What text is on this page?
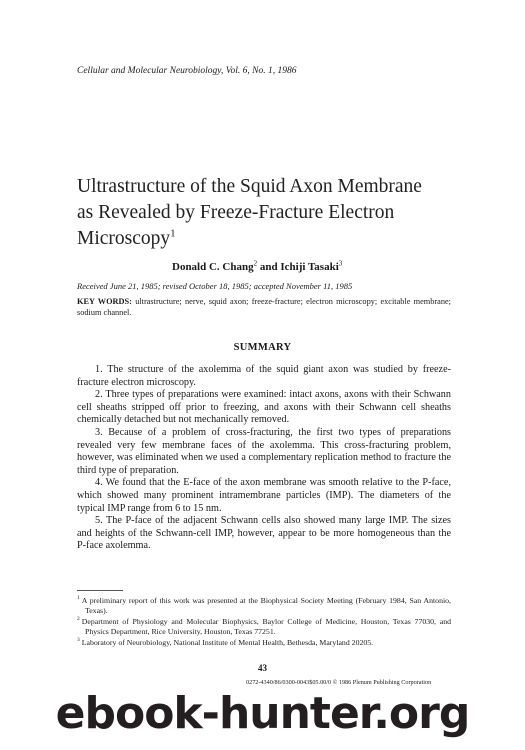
Cellular and Molecular Neurobiology, Vol. 6, No. 1, 1986
Ultrastructure of the Squid Axon Membrane
as Revealed by Freeze-Fracture Electron
Microscopy$^1$
Donald C. Chang$^2$ and Ichiji Tasaki$^3$
Received June 21, 1985; revised October 18, 1985; accepted November 11, 1985
KEY WORDS: ultrastructure; nerve, squid axon; freeze-fracture; electron microscopy; excitable membrane; sodium channel.
SUMMARY

1. The structure of the axolemma of the squid giant axon was studied by freeze-fracture electron microscopy.

2. Three types of preparations were examined: intact axons, axons with their Schwann cell sheaths stripped off prior to freezing, and axons with their Schwann cell sheaths chemically detached but not mechanically removed.

3. Because of a problem of cross-fracturing, the first two types of preparations revealed very few membrane faces of the axolemma. This cross-fracturing problem, however, was eliminated when we used a complementary replication method to fracture the third type of preparation.

4. We found that the E-face of the axon membrane was smooth relative to the P-face, which showed many prominent intramembrane particles (IMP). The diameters of the typical IMP range from 6 to 15 nm.

5. The P-face of the adjacent Schwann cells also showed many large IMP. The sizes and heights of the Schwann-cell IMP, however, appear to be more homogeneous than the P-face axolemma.

$^1$ A preliminary report of this work was presented at the Biophysical Society Meeting (February 1984, San Antonio, Texas).

$^2$ Department of Physiology and Molecular Biophysics, Baylor College of Medicine, Houston, Texas 77030, and Physics Department, Rice University, Houston, Texas 77251.

$^3$ Laboratory of Neurobiology, National Institute of Mental Health, Bethesda, Maryland 20205.

43
0272-4340/86/0300-0043$05.00/0 © 1986 Plenum Publishing Corporation
ebook-hunter.org
